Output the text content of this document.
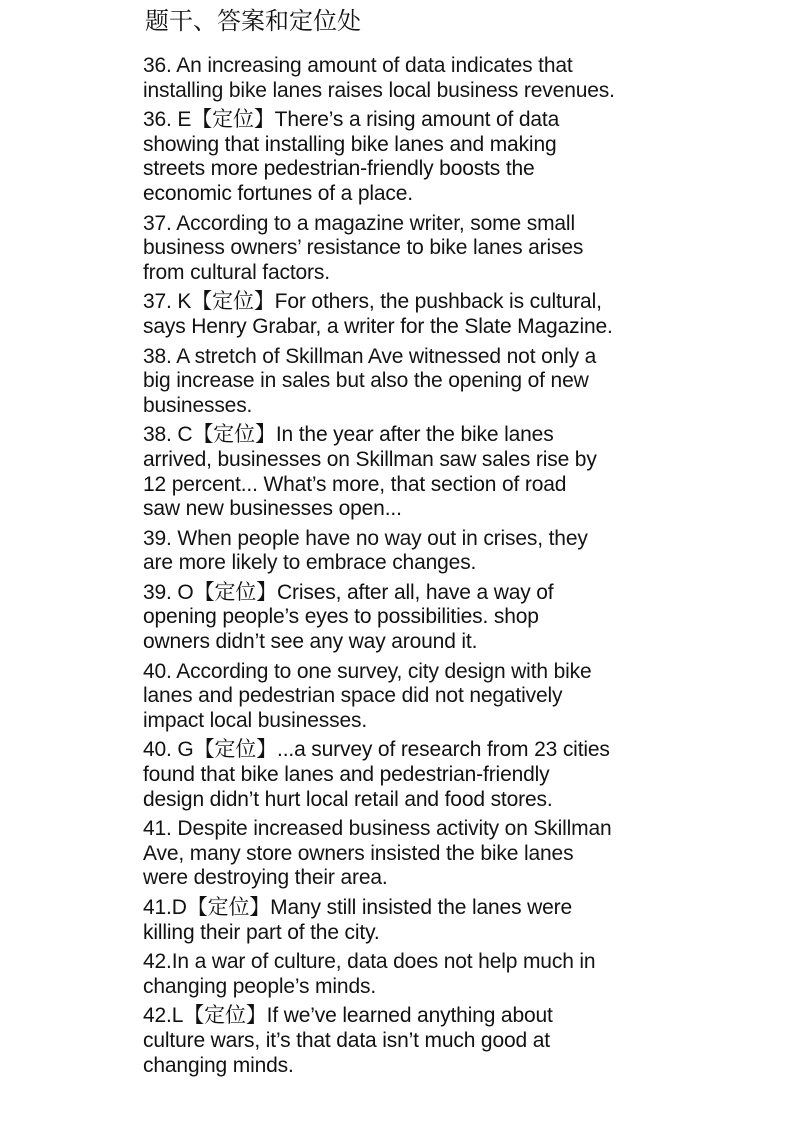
题干、答案和定位处
36. An increasing amount of data indicates that
installing bike lanes raises local business revenues.
36. E【定位】There’s a rising amount of data
showing that installing bike lanes and making
streets more pedestrian-friendly boosts the
economic fortunes of a place.
37. According to a magazine writer, some small
business owners’ resistance to bike lanes arises
from cultural factors.
37. K【定位】For others, the pushback is cultural,
says Henry Grabar, a writer for the Slate Magazine.
38. A stretch of Skillman Ave witnessed not only a
big increase in sales but also the opening of new
businesses.
38. C【定位】In the year after the bike lanes
arrived, businesses on Skillman saw sales rise by
12 percent... What’s more, that section of road
saw new businesses open...
39. When people have no way out in crises, they
are more likely to embrace changes.
39. O【定位】Crises, after all, have a way of
opening people’s eyes to possibilities. shop
owners didn’t see any way around it.
40. According to one survey, city design with bike
lanes and pedestrian space did not negatively
impact local businesses.
40. G【定位】...a survey of research from 23 cities
found that bike lanes and pedestrian-friendly
design didn’t hurt local retail and food stores.
41. Despite increased business activity on Skillman
Ave, many store owners insisted the bike lanes
were destroying their area.
41.D【定位】Many still insisted the lanes were
killing their part of the city.
42.In a war of culture, data does not help much in
changing people’s minds.
42.L【定位】If we’ve learned anything about
culture wars, it’s that data isn’t much good at
changing minds.
